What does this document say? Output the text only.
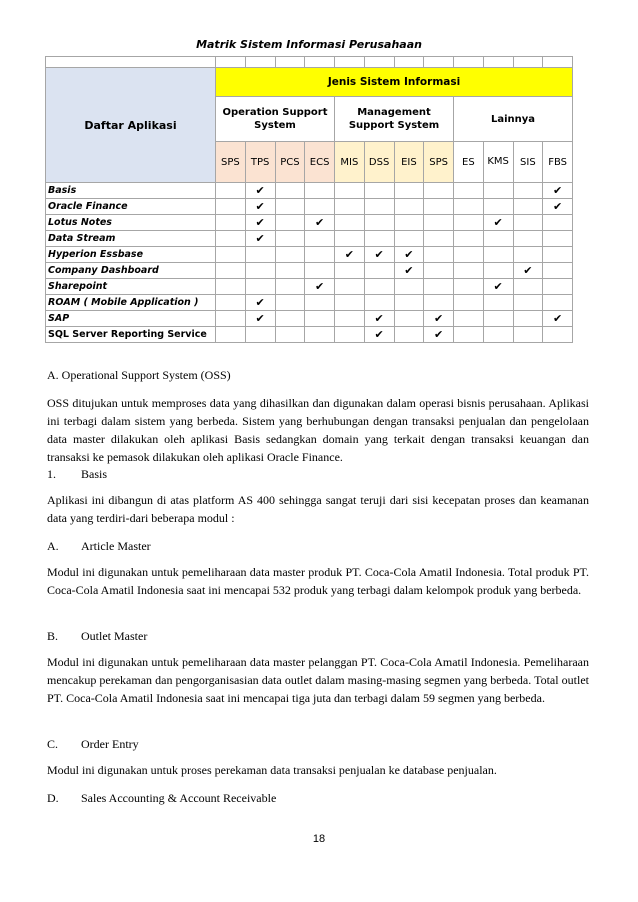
Matrik Sistem Informasi Perusahaan												

Daftar Aplikasi	Jenis Sistem Informasi											
	Operation Support System				Management Support System				Lainnya			
	SPS	TPS	PCS	ECS	MIS	DSS	EIS	SPS	ES	KMS	SIS	FBS
Basis		✔										✔
Oracle Finance		✔										✔
Lotus Notes		✔		✔						✔		
Data Stream		✔										
Hyperion Essbase					✔	✔	✔					
Company Dashboard							✔				✔	
Sharepoint				✔						✔		
ROAM ( Mobile Application )		✔										
SAP		✔				✔		✔				✔
SQL Server Reporting Service						✔		✔				
A. Operational Support System (OSS)
OSS ditujukan untuk memproses data yang dihasilkan dan digunakan dalam operasi bisnis perusahaan. Aplikasi ini terbagi dalam sistem yang berbeda. Sistem yang berhubungan dengan transaksi penjualan dan pengelolaan data master dilakukan oleh aplikasi Basis sedangkan domain yang terkait dengan transaksi keuangan dan transaksi ke pemasok dilakukan oleh aplikasi Oracle Finance.
1. Basis
Aplikasi ini dibangun di atas platform AS 400 sehingga sangat teruji dari sisi kecepatan proses dan keamanan data yang terdiri-dari beberapa modul :
A. Article Master
Modul ini digunakan untuk pemeliharaan data master produk PT. Coca-Cola Amatil Indonesia. Total produk PT. Coca-Cola Amatil Indonesia saat ini mencapai 532 produk yang terbagi dalam kelompok produk yang berbeda.
B. Outlet Master
Modul ini digunakan untuk pemeliharaan data master pelanggan PT. Coca-Cola Amatil Indonesia. Pemeliharaan mencakup perekaman dan pengorganisasian data outlet dalam masing-masing segmen yang berbeda. Total outlet PT. Coca-Cola Amatil Indonesia saat ini mencapai tiga juta dan terbagi dalam 59 segmen yang berbeda.
C. Order Entry
Modul ini digunakan untuk proses perekaman data transaksi penjualan ke database penjualan.
D. Sales Accounting & Account Receivable
18
